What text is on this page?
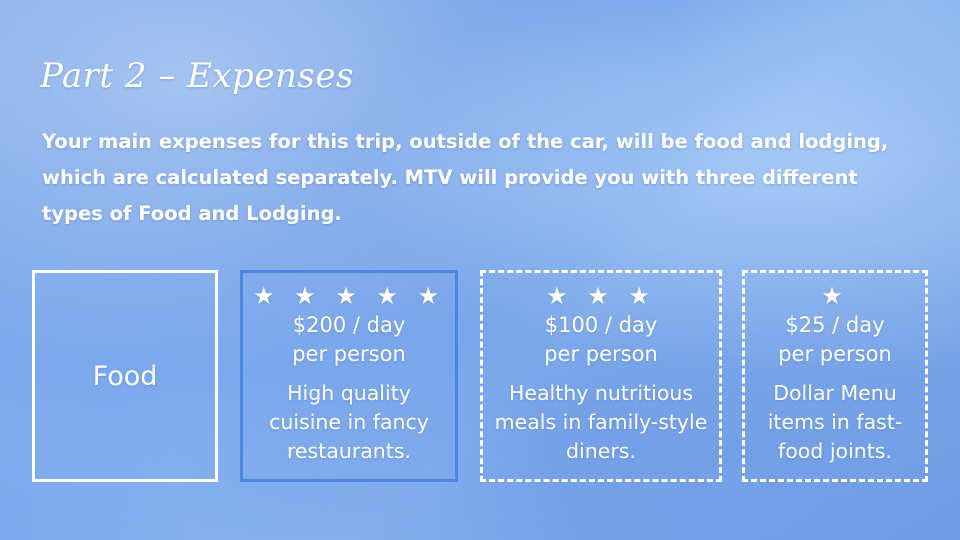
Part 2 – Expenses
Your main expenses for this trip, outside of the car, will be food and lodging, which are calculated separately. MTV will provide you with three different types of Food and Lodging.
Food
★ ★ ★ ★ ★
$200 / day
per person
High quality cuisine in fancy restaurants.
★ ★ ★
$100 / day
per person
Healthy nutritious meals in family-style diners.
★
$25 / day
per person
Dollar Menu items in fast-food joints.
